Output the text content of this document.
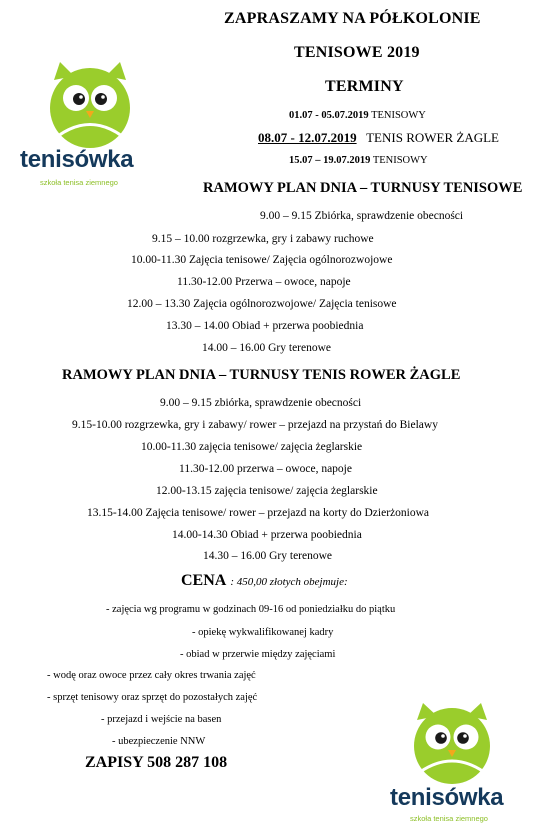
ZAPRASZAMY NA PÓŁKOLONIE
TENISOWE 2019
TERMINY
01.07 - 05.07.2019 TENISOWY
08.07 - 12.07.2019 TENIS ROWER ŻAGLE
15.07 – 19.07.2019 TENISOWY
RAMOWY PLAN DNIA – TURNUSY TENISOWE
9.00 – 9.15 Zbiórka, sprawdzenie obecności
9.15 – 10.00 rozgrzewka, gry i zabawy ruchowe
10.00-11.30 Zajęcia tenisowe/ Zajęcia ogólnorozwojowe
11.30-12.00 Przerwa – owoce, napoje
12.00 – 13.30 Zajęcia ogólnorozwojowe/ Zajęcia tenisowe
13.30 – 14.00 Obiad + przerwa poobiednia
14.00 – 16.00 Gry terenowe
RAMOWY PLAN DNIA – TURNUSY TENIS ROWER ŻAGLE
9.00 – 9.15 zbiórka, sprawdzenie obecności
9.15-10.00 rozgrzewka, gry i zabawy/ rower – przejazd na przystań do Bielawy
10.00-11.30 zajęcia tenisowe/ zajęcia żeglarskie
11.30-12.00 przerwa – owoce, napoje
12.00-13.15 zajęcia tenisowe/ zajęcia żeglarskie
13.15-14.00 Zajęcia tenisowe/ rower – przejazd na korty do Dzierżoniowa
14.00-14.30 Obiad + przerwa poobiednia
14.30 – 16.00 Gry terenowe
CENA : 450,00 złotych obejmuje:
- zajęcia wg programu w godzinach 09-16 od poniedziałku do piątku
- opiekę wykwalifikowanej kadry
- obiad w przerwie między zajęciami
- wodę oraz owoce przez cały okres trwania zajęć
- sprzęt tenisowy oraz sprzęt do pozostałych zajęć
- przejazd i wejście na basen
- ubezpieczenie NNW
ZAPISY 508 287 108
tenisówka
szkoła tenisa ziemnego
tenisówka
szkoła tenisa ziemnego
